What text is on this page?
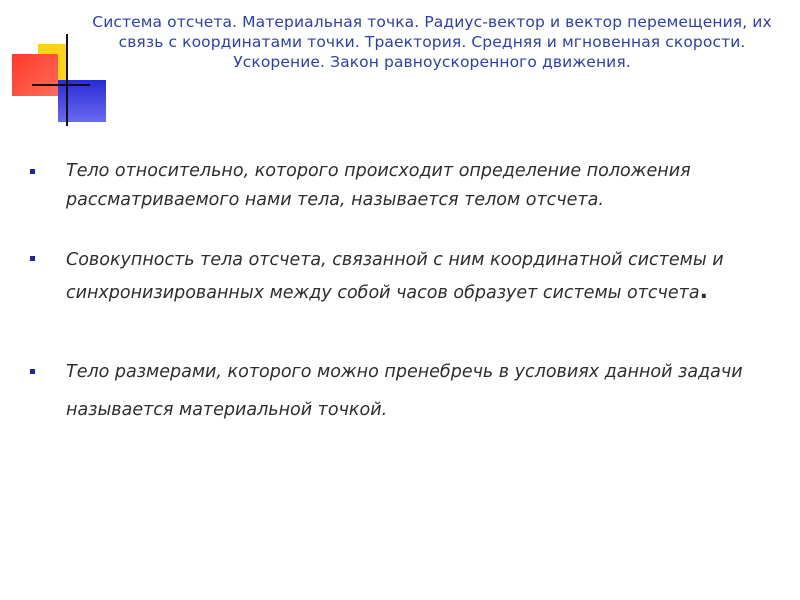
Система отсчета. Материальная точка. Радиус-вектор и вектор перемещения, их связь с координатами точки. Траектория. Средняя и мгновенная скорости. Ускорение. Закон равноускоренного движения.
Тело относительно, которого происходит определение положения рассматриваемого нами тела, называется телом отсчета.
Совокупность тела отсчета, связанной с ним координатной системы и синхронизированных между собой часов образует системы отсчета.
Тело размерами, которого можно пренебречь в условиях данной задачи называется материальной точкой.
